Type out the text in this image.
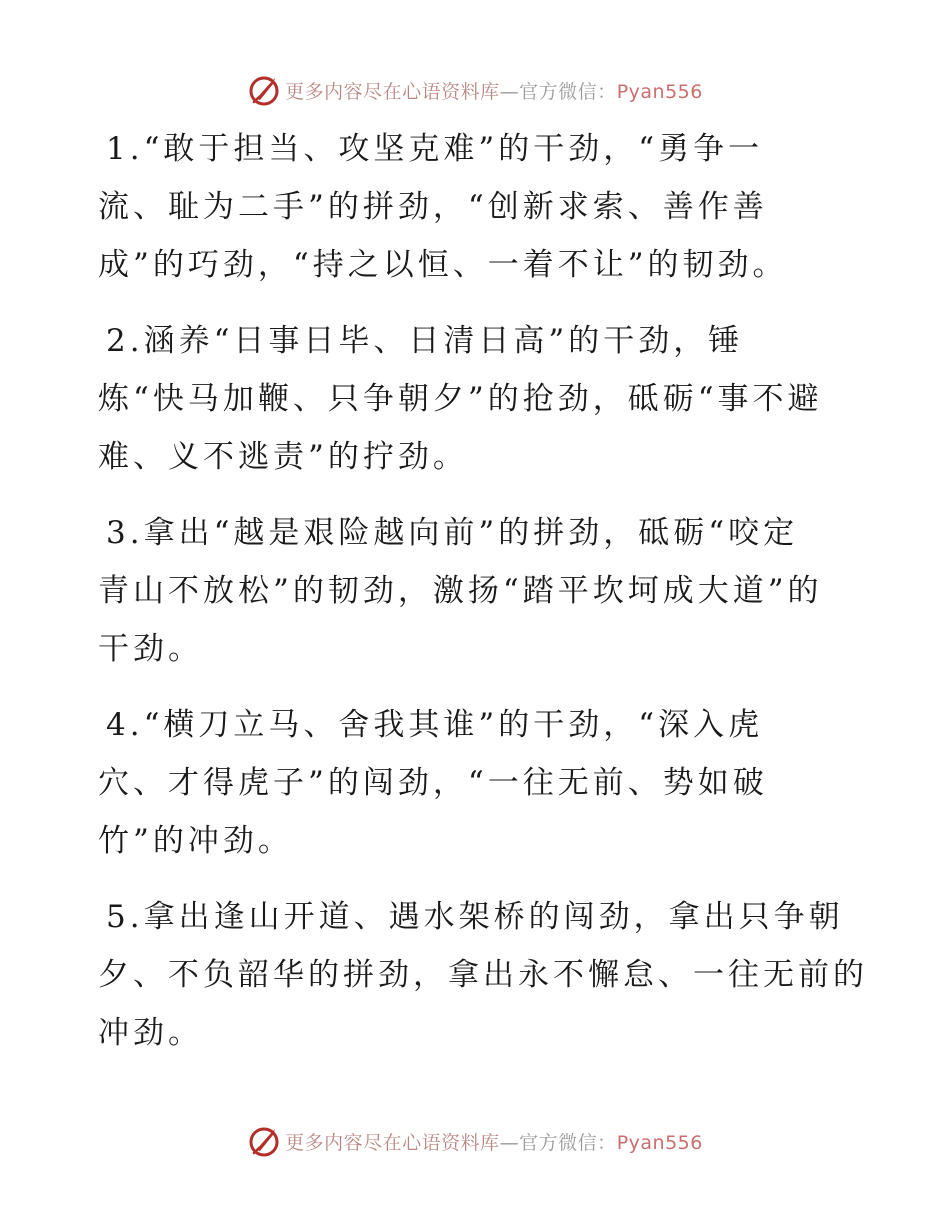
更多内容尽在心语资料库—官方微信：Pyan556
1.“敢于担当、攻坚克难”的干劲，“勇争一
流、耻为二手”的拼劲，“创新求索、善作善
成”的巧劲，“持之以恒、一着不让”的韧劲。
2.涵养“日事日毕、日清日高”的干劲，锤
炼“快马加鞭、只争朝夕”的抢劲，砥砺“事不避
难、义不逃责”的拧劲。
3.拿出“越是艰险越向前”的拼劲，砥砺“咬定
青山不放松”的韧劲，激扬“踏平坎坷成大道”的
干劲。
4.“横刀立马、舍我其谁”的干劲，“深入虎
穴、才得虎子”的闯劲，“一往无前、势如破
竹”的冲劲。
5.拿出逢山开道、遇水架桥的闯劲，拿出只争朝
夕、不负韶华的拼劲，拿出永不懈怠、一往无前的
冲劲。
更多内容尽在心语资料库—官方微信：Pyan556
